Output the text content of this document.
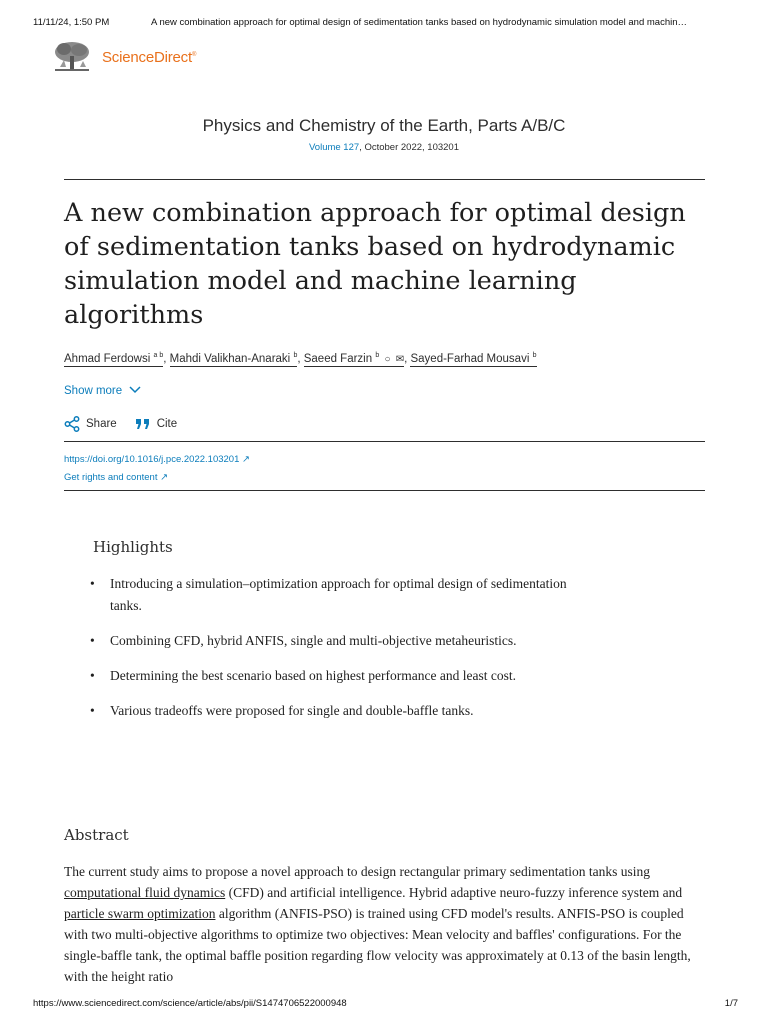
11/11/24, 1:50 PM	A new combination approach for optimal design of sedimentation tanks based on hydrodynamic simulation model and machin…
ScienceDirect®
Physics and Chemistry of the Earth, Parts A/B/C
Volume 127, October 2022, 103201
A new combination approach for optimal design of sedimentation tanks based on hydrodynamic simulation model and machine learning algorithms
Ahmad Ferdowsi $^{a b}$, Mahdi Valikhan-Anaraki $^b$, Saeed Farzin $^b$ ○ ✉, Sayed-Farhad Mousavi $^b$
Show more
Share	Cite
https://doi.org/10.1016/j.pce.2022.103201 ↗
Get rights and content ↗
Highlights
• Introducing a simulation–optimization approach for optimal design of sedimentation tanks.
• Combining CFD, hybrid ANFIS, single and multi-objective metaheuristics.
• Determining the best scenario based on highest performance and least cost.
• Various tradeoffs were proposed for single and double-baffle tanks.
Abstract

The current study aims to propose a novel approach to design rectangular primary sedimentation tanks using computational fluid dynamics (CFD) and artificial intelligence. Hybrid adaptive neuro-fuzzy inference system and particle swarm optimization algorithm (ANFIS-PSO) is trained using CFD model's results. ANFIS-PSO is coupled with two multi-objective algorithms to optimize two objectives: Mean velocity and baffles' configurations. For the single-baffle tank, the optimal baffle position regarding flow velocity was approximately at 0.13 of the basin length, with the height ratio

https://www.sciencedirect.com/science/article/abs/pii/S1474706522000948	1/7
